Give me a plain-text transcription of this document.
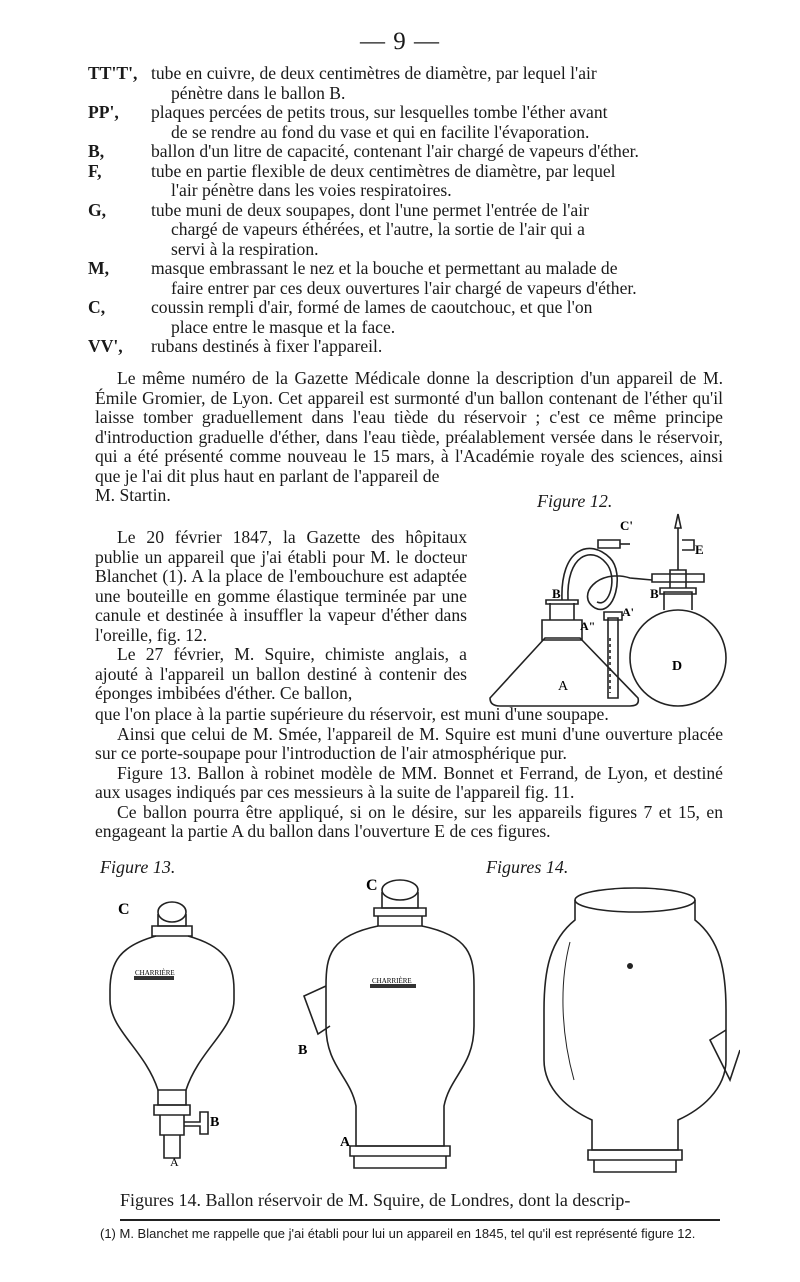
— 9 —
TT'T', tube en cuivre, de deux centimètres de diamètre, par lequel l'air
pénètre dans le ballon B.
PP', plaques percées de petits trous, sur lesquelles tombe l'éther avant
de se rendre au fond du vase et qui en facilite l'évaporation.
B,	ballon d'un litre de capacité, contenant l'air chargé de vapeurs d'éther.
F,	tube en partie flexible de deux centimètres de diamètre, par lequel
l'air pénètre dans les voies respiratoires.
G,	tube muni de deux soupapes, dont l'une permet l'entrée de l'air
chargé de vapeurs éthérées, et l'autre, la sortie de l'air qui a
servi à la respiration.
M, masque embrassant le nez et la bouche et permettant au malade de
faire entrer par ces deux ouvertures l'air chargé de vapeurs d'éther.
C,	coussin rempli d'air, formé de lames de caoutchouc, et que l'on
place entre le masque et la face.
VV', rubans destinés à fixer l'appareil.

Le même numéro de la Gazette Médicale donne la description d'un appareil de M. Émile Gromier, de Lyon. Cet appareil est surmonté d'un ballon contenant de l'éther qu'il laisse tomber graduellement dans l'eau tiède du réservoir ; c'est ce même principe d'introduction graduelle d'éther, dans l'eau tiède, préalablement versée dans le réservoir, qui a été présenté comme nouveau le 15 mars, à l'Académie royale des sciences, ainsi que je l'ai dit plus haut en parlant de l'appareil de

M. Startin.	Figure 12.

Le 20 février 1847, la Gazette des hôpitaux publie un appareil que j'ai établi pour M. le docteur Blanchet (1). A la place de l'embouchure est adaptée une bouteille en gomme élastique terminée par une canule et destinée à insuffler la vapeur d'éther dans l'oreille, fig. 12.

Le 27 février, M. Squire, chimiste anglais, a ajouté à l'appareil un ballon destiné à contenir des éponges imbibées d'éther. Ce ballon,

C'
E
B	B
A"
A'
A
D

que l'on place à la partie supérieure du réservoir, est muni d'une soupape.

Ainsi que celui de M. Smée, l'appareil de M. Squire est muni d'une ouverture placée sur ce porte-soupape pour l'introduction de l'air atmosphérique pur.

Figure 13. Ballon à robinet modèle de MM. Bonnet et Ferrand, de Lyon, et destiné aux usages indiqués par ces messieurs à la suite de l'appareil fig. 11.

Ce ballon pourra être appliqué, si on le désire, sur les appareils figures 7 et 15, en engageant la partie A du ballon dans l'ouverture E de ces figures.

Figure 13.	Figures 14.
CHARRIÈRE
C
B
A
CHARRIÈRE
C
B
A
Figures 14. Ballon réservoir de M. Squire, de Londres, dont la descrip-
(1) M. Blanchet me rappelle que j'ai établi pour lui un appareil en 1845, tel qu'il est représenté figure 12.
